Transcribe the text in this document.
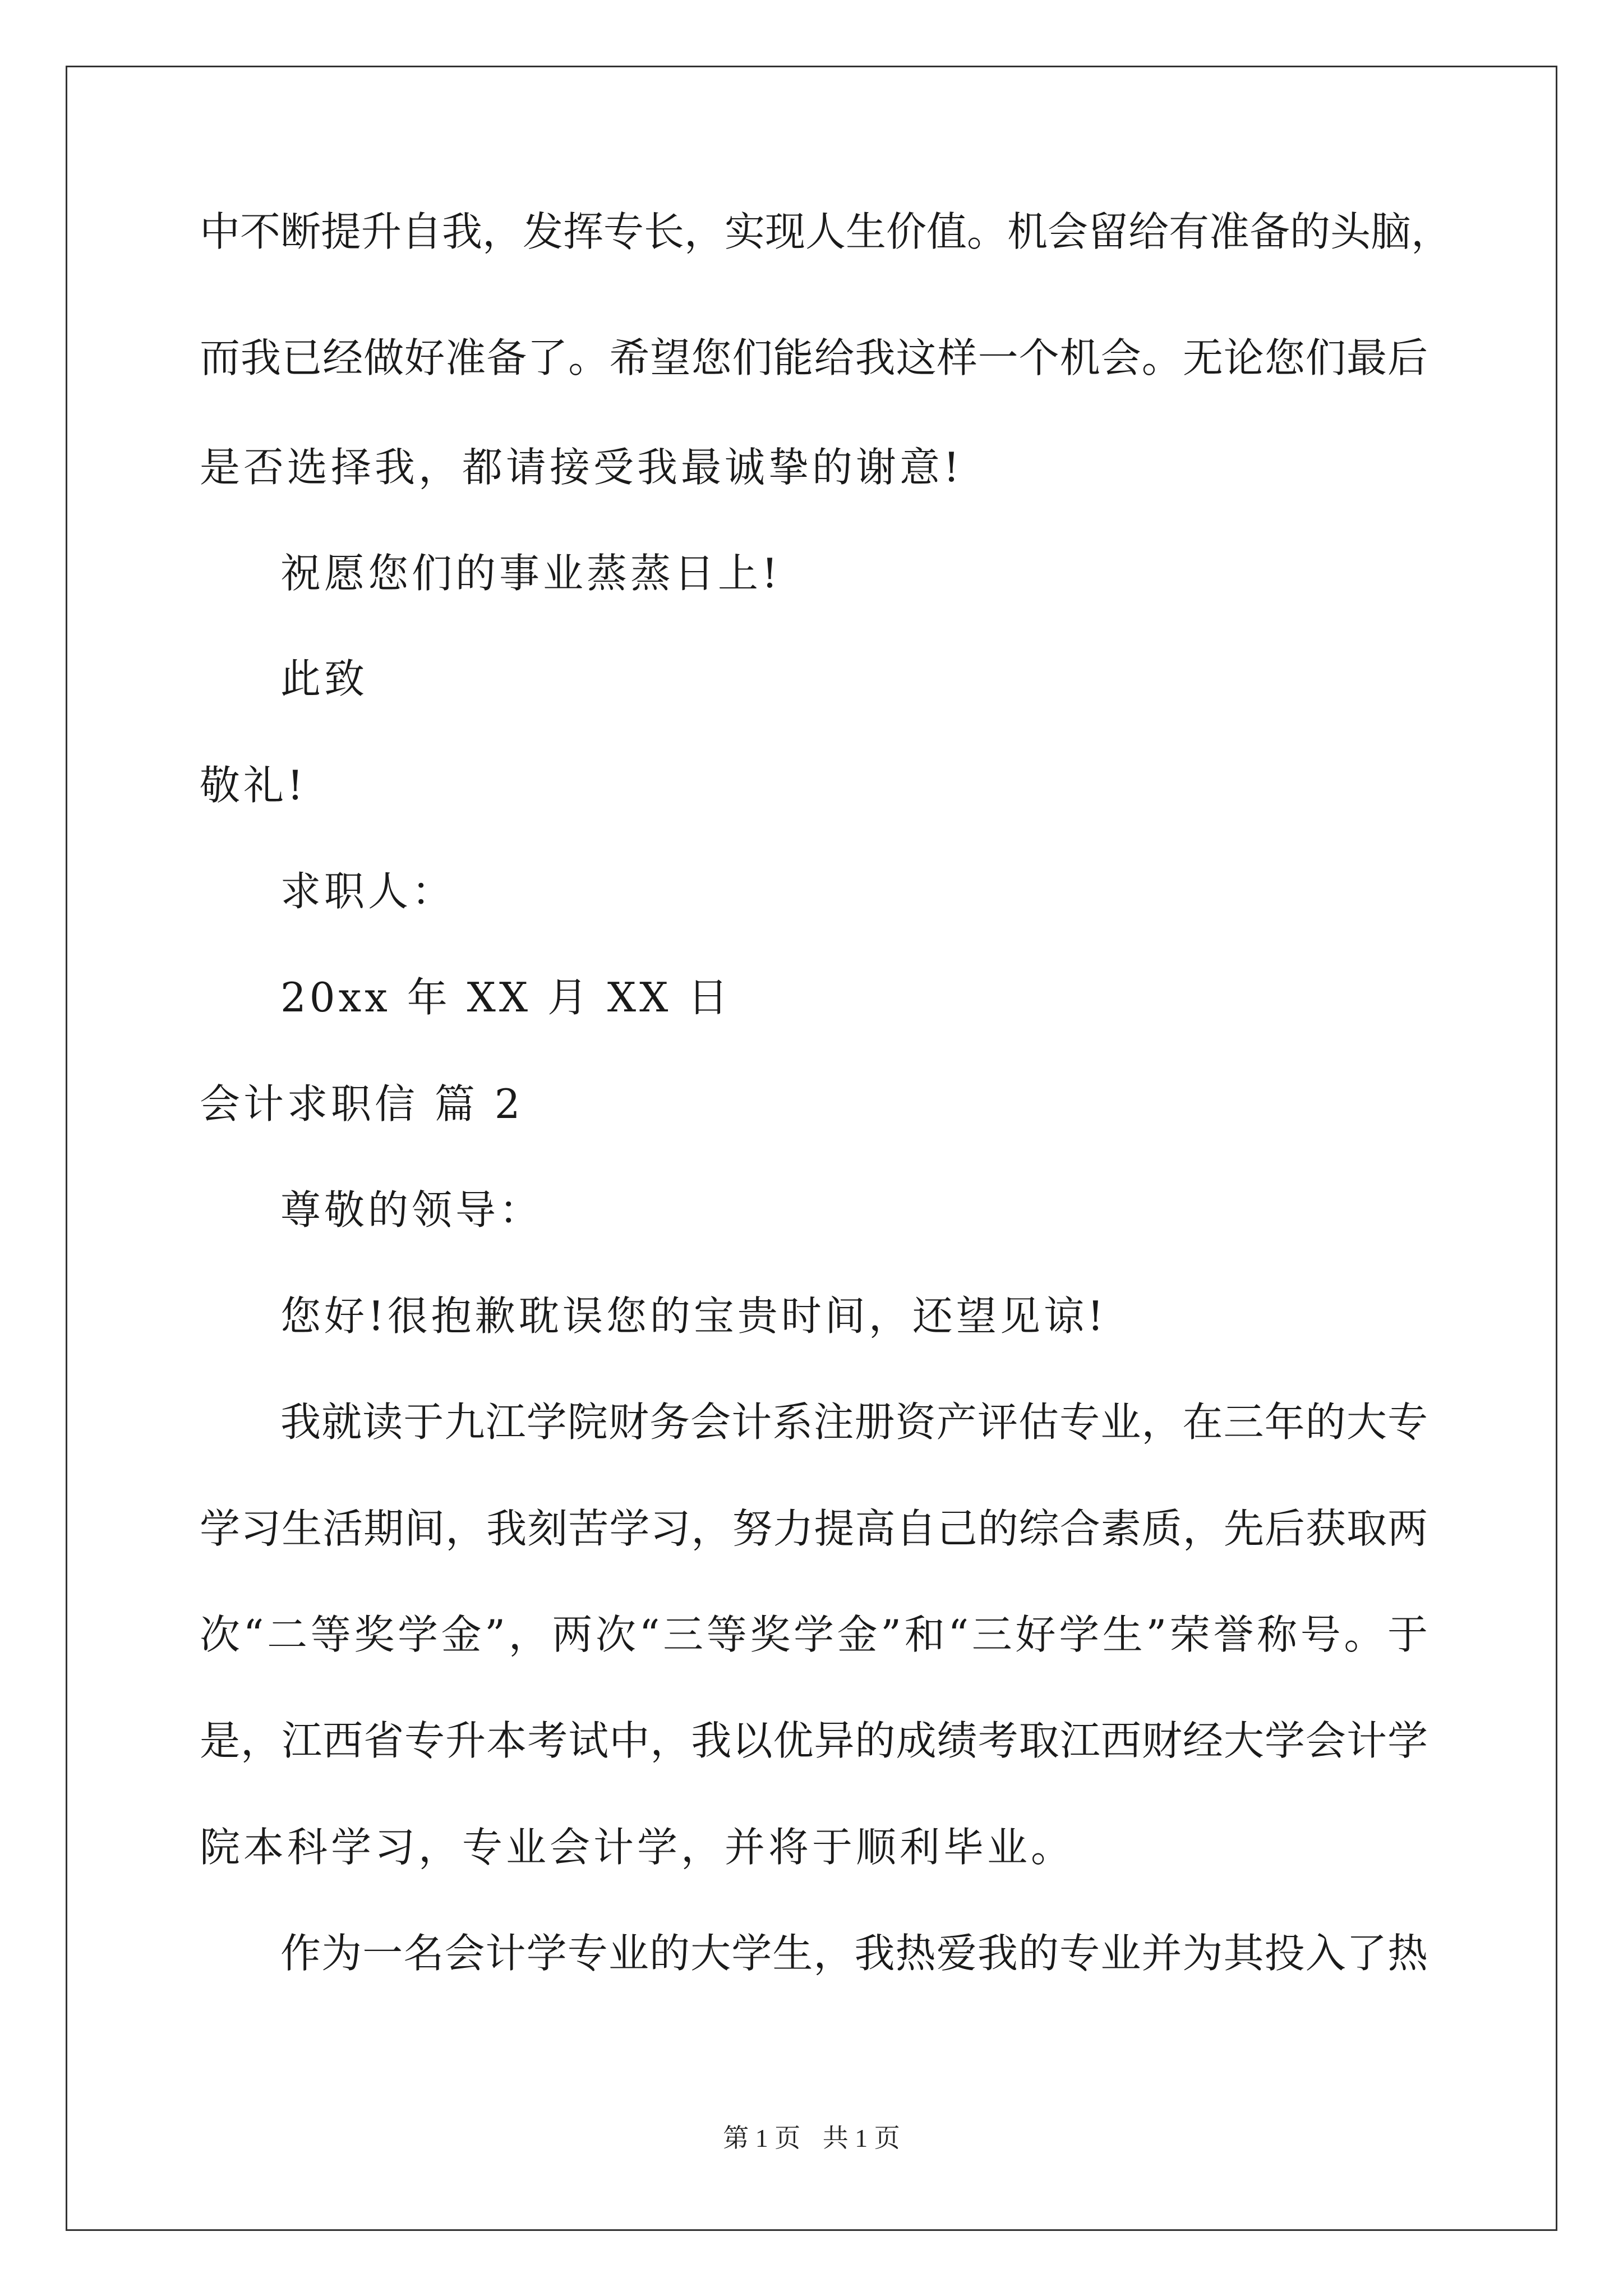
中不断提升自我，发挥专长，实现人生价值。机会留给有准备的头脑，
而我已经做好准备了。希望您们能给我这样一个机会。无论您们最后
是否选择我，都请接受我最诚挚的谢意!
祝愿您们的事业蒸蒸日上!
此致
敬礼!
求职人：
20xx 年 XX 月 XX 日
会计求职信 篇 2
尊敬的领导：
您好!很抱歉耽误您的宝贵时间，还望见谅!
我就读于九江学院财务会计系注册资产评估专业，在三年的大专
学习生活期间，我刻苦学习，努力提高自己的综合素质，先后获取两
次“二等奖学金”，两次“三等奖学金”和“三好学生”荣誉称号。于
是，江西省专升本考试中，我以优异的成绩考取江西财经大学会计学
院本科学习，专业会计学，并将于顺利毕业。
作为一名会计学专业的大学生，我热爱我的专业并为其投入了热
第 1 页 共 1 页
